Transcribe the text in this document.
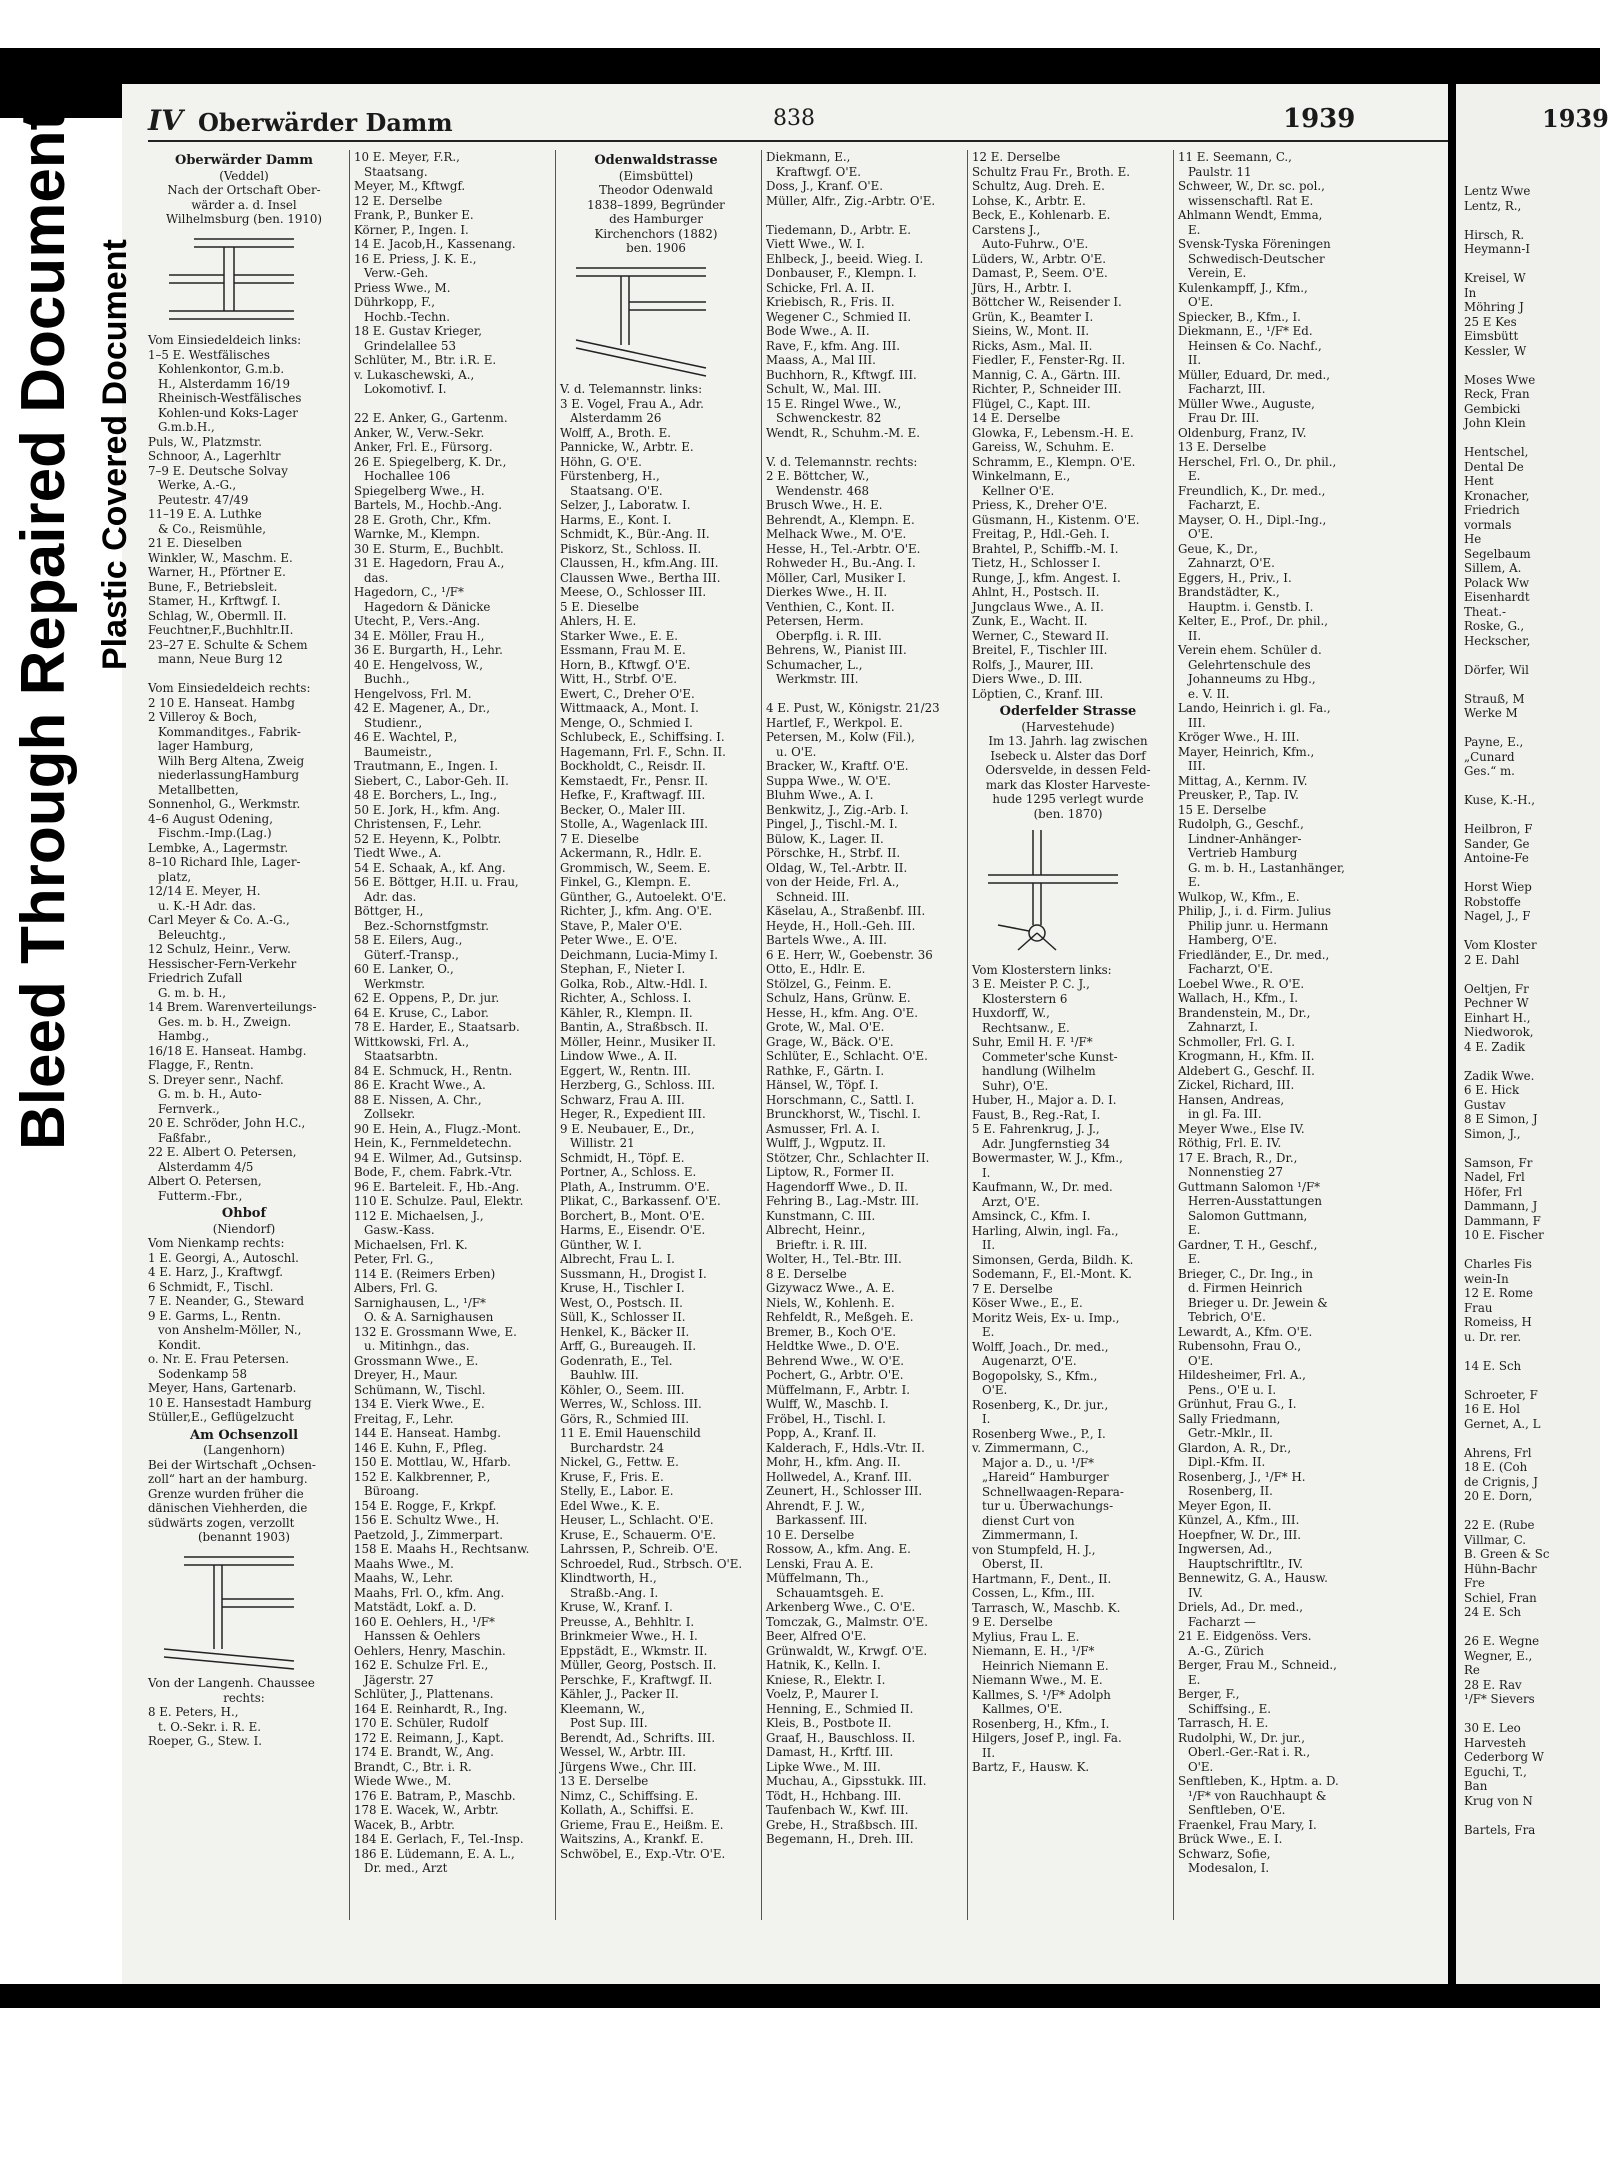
1939
Lentz Wwe
Lentz, R.,

Hirsch, R.
Heymann-I

Kreisel, W
In
Möhring J
25 E Kes
Eimsbütt
Kessler, W

Moses Wwe
Reck, Fran
Gembicki
John Klein

Hentschel,
Dental De
Hent
Kronacher,
Friedrich
vormals
He
Segelbaum
Sillem, A.
Polack Ww
Eisenhardt
Theat.-
Roske, G.,
Heckscher,

Dörfer, Wil

Strauß, M
Werke M

Payne, E.,
„Cunard
Ges.“ m.

Kuse, K.-H.,

Heilbron, F
Sander, Ge
Antoine-Fe

Horst Wiep
Robstoffe
Nagel, J., F

Vom Kloster
2 E. Dahl

Oeltjen, Fr
Pechner W
Einhart H.,
Niedworok,
4 E. Zadik

Zadik Wwe.
6 E. Hick
Gustav
8 E Simon, J
Simon, J.,

Samson, Fr
Nadel, Frl
Höfer, Frl
Dammann, J
Dammann, F
10 E. Fischer

Charles Fis
wein-In
12 E. Rome
Frau
Romeiss, H
u. Dr. rer.

14 E. Sch

Schroeter, F
16 E. Hol
Gernet, A., L

Ahrens, Frl
18 E. (Coh
de Crignis, J
20 E. Dorn,

22 E. (Rube
Villmar, C.
B. Green & Sc
Hühn-Bachr
Fre
Schiel, Fran
24 E. Sch

26 E. Wegne
Wegner, E.,
Re
28 E. Rav
¹/F* Sievers

30 E. Leo
Harvesteh
Cederborg W
Eguchi, T.,
Ban
Krug von N

Bartels, Fra
Bleed Through Repaired Document Plastic Covered Document
IV Oberwärder Damm	838	1939
Oberwärder Damm
(Veddel)
Nach der Ortschaft Ober-
wärder a. d. Insel
Wilhelmsburg (ben. 1910)
Vom Einsiedeldeich links:
1–5 E. Westfälisches
Kohlenkontor, G.m.b.
H., Alsterdamm 16/19
Rheinisch-Westfälisches
Kohlen-und Koks-Lager
G.m.b.H.,
Puls, W., Platzmstr.
Schnoor, A., Lagerhltr
7–9 E. Deutsche Solvay
Werke, A.-G.,
Peutestr. 47/49
11–19 E. A. Luthke
& Co., Reismühle,
21 E. Dieselben
Winkler, W., Maschm. E.
Warner, H., Pförtner E.
Bune, F., Betriebsleit.
Stamer, H., Krftwgf. I.
Schlag, W., Obermll. II.
Feuchtner,F.,Buchhltr.II.
23–27 E. Schulte & Schem
mann, Neue Burg 12

Vom Einsiedeldeich rechts:
2 10 E. Hanseat. Hambg
2 Villeroy & Boch,
Kommanditges., Fabrik-
lager Hamburg,
Wilh Berg Altena, Zweig
niederlassungHamburg
Metallbetten,
Sonnenhol, G., Werkmstr.
4–6 August Odening,
Fischm.-Imp.(Lag.)
Lembke, A., Lagermstr.
8–10 Richard Ihle, Lager-
platz,
12/14 E. Meyer, H.
u. K.-H Adr. das.
Carl Meyer & Co. A.-G.,
Beleuchtg.,
12 Schulz, Heinr., Verw.
Hessischer-Fern-Verkehr
Friedrich Zufall
G. m. b. H.,
14 Brem. Warenverteilungs-
Ges. m. b. H., Zweign.
Hambg.,
16/18 E. Hanseat. Hambg.
Flagge, F., Rentn.
S. Dreyer senr., Nachf.
G. m. b. H., Auto-
Fernverk.,
20 E. Schröder, John H.C.,
Faßfabr.,
22 E. Albert O. Petersen,
Alsterdamm 4/5
Albert O. Petersen,
Futterm.-Fbr.,
Ohbof
(Niendorf)
Vom Nienkamp rechts:
1 E. Georgi, A., Autoschl.
4 E. Harz, J., Kraftwgf.
6 Schmidt, F., Tischl.
7 E. Neander, G., Steward
9 E. Garms, L., Rentn.
von Anshelm-Möller, N.,
Kondit.
o. Nr. E. Frau Petersen.
Sodenkamp 58
Meyer, Hans, Gartenarb.
10 E. Hansestadt Hamburg
Stüller,E., Geflügelzucht
Am Ochsenzoll
(Langenhorn)
Bei der Wirtschaft „Ochsen-
zoll“ hart an der hamburg.
Grenze wurden früher die
dänischen Viehherden, die
südwärts zogen, verzollt
(benannt 1903)
Von der Langenh. Chaussee
rechts:
8 E. Peters, H.,
t. O.-Sekr. i. R. E.
Roeper, G., Stew. I.
10 E. Meyer, F.R.,
Staatsang.
Meyer, M., Kftwgf.
12 E. Derselbe
Frank, P., Bunker E.
Körner, P., Ingen. I.
14 E. Jacob,H., Kassenang.
16 E. Priess, J. K. E.,
Verw.-Geh.
Priess Wwe., M.
Dührkopp, F.,
Hochb.-Techn.
18 E. Gustav Krieger,
Grindelallee 53
Schlüter, M., Btr. i.R. E.
v. Lukaschewski, A.,
Lokomotivf. I.

22 E. Anker, G., Gartenm.
Anker, W., Verw.-Sekr.
Anker, Frl. E., Fürsorg.
26 E. Spiegelberg, K. Dr.,
Hochallee 106
Spiegelberg Wwe., H.
Bartels, M., Hochb.-Ang.
28 E. Groth, Chr., Kfm.
Warnke, M., Klempn.
30 E. Sturm, E., Buchblt.
31 E. Hagedorn, Frau A.,
das.
Hagedorn, C., ¹/F*
Hagedorn & Dänicke
Utecht, P., Vers.-Ang.
34 E. Möller, Frau H.,
36 E. Burgarth, H., Lehr.
40 E. Hengelvoss, W.,
Buchh.,
Hengelvoss, Frl. M.
42 E. Magener, A., Dr.,
Studienr.,
46 E. Wachtel, P.,
Baumeistr.,
Trautmann, E., Ingen. I.
Siebert, C., Labor-Geh. II.
48 E. Borchers, L., Ing.,
50 E. Jork, H., kfm. Ang.
Christensen, F., Lehr.
52 E. Heyenn, K., Polbtr.
Tiedt Wwe., A.
54 E. Schaak, A., kf. Ang.
56 E. Böttger, H.II. u. Frau,
Adr. das.
Böttger, H.,
Bez.-Schornstfgmstr.
58 E. Eilers, Aug.,
Güterf.-Transp.,
60 E. Lanker, O.,
Werkmstr.
62 E. Oppens, P., Dr. jur.
64 E. Kruse, C., Labor.
78 E. Harder, E., Staatsarb.
Wittkowski, Frl. A.,
Staatsarbtn.
84 E. Schmuck, H., Rentn.
86 E. Kracht Wwe., A.
88 E. Nissen, A. Chr.,
Zollsekr.
90 E. Hein, A., Flugz.-Mont.
Hein, K., Fernmeldetechn.
94 E. Wilmer, Ad., Gutsinsp.
Bode, F., chem. Fabrk.-Vtr.
96 E. Barteleit. F., Hb.-Ang.
110 E. Schulze. Paul, Elektr.
112 E. Michaelsen, J.,
Gasw.-Kass.
Michaelsen, Frl. K.
Peter, Frl. G.,
114 E. (Reimers Erben)
Albers, Frl. G.
Sarnighausen, L., ¹/F*
O. & A. Sarnighausen
132 E. Grossmann Wwe, E.
u. Mitinhgn., das.
Grossmann Wwe., E.
Dreyer, H., Maur.
Schümann, W., Tischl.
134 E. Vierk Wwe., E.
Freitag, F., Lehr.
144 E. Hanseat. Hambg.
146 E. Kuhn, F., Pfleg.
150 E. Mottlau, W., Hfarb.
152 E. Kalkbrenner, P.,
Büroang.
154 E. Rogge, F., Krkpf.
156 E. Schultz Wwe., H.
Paetzold, J., Zimmerpart.
158 E. Maahs H., Rechtsanw.
Maahs Wwe., M.
Maahs, W., Lehr.
Maahs, Frl. O., kfm. Ang.
Matstädt, Lokf. a. D.
160 E. Oehlers, H., ¹/F*
Hanssen & Oehlers
Oehlers, Henry, Maschin.
162 E. Schulze Frl. E.,
Jägerstr. 27
Schlüter, J., Plattenans.
164 E. Reinhardt, R., Ing.
170 E. Schüler, Rudolf
172 E. Reimann, J., Kapt.
174 E. Brandt, W., Ang.
Brandt, C., Btr. i. R.
Wiede Wwe., M.
176 E. Batram, P., Maschb.
178 E. Wacek, W., Arbtr.
Wacek, B., Arbtr.
184 E. Gerlach, F., Tel.-Insp.
186 E. Lüdemann, E. A. L.,
Dr. med., Arzt
Odenwaldstrasse
(Eimsbüttel)
Theodor Odenwald
1838–1899, Begründer
des Hamburger
Kirchenchors (1882)
ben. 1906
V. d. Telemannstr. links:
3 E. Vogel, Frau A., Adr.
Alsterdamm 26
Wolff, A., Broth. E.
Pannicke, W., Arbtr. E.
Höhn, G. O'E.
Fürstenberg, H.,
Staatsang. O'E.
Selzer, J., Laboratw. I.
Harms, E., Kont. I.
Schmidt, K., Bür.-Ang. II.
Piskorz, St., Schloss. II.
Claussen, H., kfm.Ang. III.
Claussen Wwe., Bertha III.
Meese, O., Schlosser III.
5 E. Dieselbe
Ahlers, H. E.
Starker Wwe., E. E.
Essmann, Frau M. E.
Horn, B., Kftwgf. O'E.
Witt, H., Strbf. O'E.
Ewert, C., Dreher O'E.
Wittmaack, A., Mont. I.
Menge, O., Schmied I.
Schlubeck, E., Schiffsing. I.
Hagemann, Frl. F., Schn. II.
Bockholdt, C., Reisdr. II.
Kemstaedt, Fr., Pensr. II.
Hefke, F., Kraftwagf. III.
Becker, O., Maler III.
Stolle, A., Wagenlack III.
7 E. Dieselbe
Ackermann, R., Hdlr. E.
Grommisch, W., Seem. E.
Finkel, G., Klempn. E.
Günther, G., Autoelekt. O'E.
Richter, J., kfm. Ang. O'E.
Stave, P., Maler O'E.
Peter Wwe., E. O'E.
Deichmann, Lucia-Mimy I.
Stephan, F., Nieter I.
Golka, Rob., Altw.-Hdl. I.
Richter, A., Schloss. I.
Kähler, R., Klempn. II.
Bantin, A., Straßbsch. II.
Möller, Heinr., Musiker II.
Lindow Wwe., A. II.
Eggert, W., Rentn. III.
Herzberg, G., Schloss. III.
Schwarz, Frau A. III.
Heger, R., Expedient III.
9 E. Neubauer, E., Dr.,
Willistr. 21
Schmidt, H., Töpf. E.
Portner, A., Schloss. E.
Plath, A., Instrumm. O'E.
Plikat, C., Barkassenf. O'E.
Borchert, B., Mont. O'E.
Harms, E., Eisendr. O'E.
Günther, W. I.
Albrecht, Frau L. I.
Sussmann, H., Drogist I.
Kruse, H., Tischler I.
West, O., Postsch. II.
Süll, K., Schlosser II.
Henkel, K., Bäcker II.
Arff, G., Bureaugeh. II.
Godenrath, E., Tel.
Bauhlw. III.
Köhler, O., Seem. III.
Werres, W., Schloss. III.
Görs, R., Schmied III.
11 E. Emil Hauenschild
Burchardstr. 24
Nickel, G., Fettw. E.
Kruse, F., Fris. E.
Stelly, E., Labor. E.
Edel Wwe., K. E.
Heuser, L., Schlacht. O'E.
Kruse, E., Schauerm. O'E.
Lahrssen, P., Schreib. O'E.
Schroedel, Rud., Strbsch. O'E.
Klindtworth, H.,
Straßb.-Ang. I.
Kruse, W., Kranf. I.
Preusse, A., Behhltr. I.
Brinkmeier Wwe., H. I.
Eppstädt, E., Wkmstr. II.
Müller, Georg, Postsch. II.
Perschke, F., Kraftwgf. II.
Kähler, J., Packer II.
Kleemann, W.,
Post Sup. III.
Berendt, Ad., Schrifts. III.
Wessel, W., Arbtr. III.
Jürgens Wwe., Chr. III.
13 E. Derselbe
Nimz, C., Schiffsing. E.
Kollath, A., Schiffsi. E.
Grieme, Frau E., Heißm. E.
Waitszins, A., Krankf. E.
Schwöbel, E., Exp.-Vtr. O'E.
Diekmann, E.,
Kraftwgf. O'E.
Doss, J., Kranf. O'E.
Müller, Alfr., Zig.-Arbtr. O'E.

Tiedemann, D., Arbtr. E.
Viett Wwe., W. I.
Ehlbeck, J., beeid. Wieg. I.
Donbauser, F., Klempn. I.
Schicke, Frl. A. II.
Kriebisch, R., Fris. II.
Wegener C., Schmied II.
Bode Wwe., A. II.
Rave, F., kfm. Ang. III.
Maass, A., Mal III.
Buchhorn, R., Kftwgf. III.
Schult, W., Mal. III.
15 E. Ringel Wwe., W.,
Schwenckestr. 82
Wendt, R., Schuhm.-M. E.

V. d. Telemannstr. rechts:
2 E. Böttcher, W.,
Wendenstr. 468
Brusch Wwe., H. E.
Behrendt, A., Klempn. E.
Melhack Wwe., M. O'E.
Hesse, H., Tel.-Arbtr. O'E.
Rohweder H., Bu.-Ang. I.
Möller, Carl, Musiker I.
Dierkes Wwe., H. II.
Venthien, C., Kont. II.
Petersen, Herm.
Oberpflg. i. R. III.
Behrens, W., Pianist III.
Schumacher, L.,
Werkmstr. III.

4 E. Pust, W., Königstr. 21/23
Hartlef, F., Werkpol. E.
Petersen, M., Kolw (Fil.),
u. O'E.
Bracker, W., Kraftf. O'E.
Suppa Wwe., W. O'E.
Bluhm Wwe., A. I.
Benkwitz, J., Zig.-Arb. I.
Pingel, J., Tischl.-M. I.
Bülow, K., Lager. II.
Pörschke, H., Strbf. II.
Oldag, W., Tel.-Arbtr. II.
von der Heide, Frl. A.,
Schneid. III.
Käselau, A., Straßenbf. III.
Heyde, H., Holl.-Geh. III.
Bartels Wwe., A. III.
6 E. Herr, W., Goebenstr. 36
Otto, E., Hdlr. E.
Stölzel, G., Feinm. E.
Schulz, Hans, Grünw. E.
Hesse, H., kfm. Ang. O'E.
Grote, W., Mal. O'E.
Grage, W., Bäck. O'E.
Schlüter, E., Schlacht. O'E.
Rathke, F., Gärtn. I.
Hänsel, W., Töpf. I.
Horschmann, C., Sattl. I.
Brunckhorst, W., Tischl. I.
Asmusser, Frl. A. I.
Wulff, J., Wgputz. II.
Stötzer, Chr., Schlachter II.
Liptow, R., Former II.
Hagendorff Wwe., D. II.
Fehring B., Lag.-Mstr. III.
Kunstmann, C. III.
Albrecht, Heinr.,
Brieftr. i. R. III.
Wolter, H., Tel.-Btr. III.
8 E. Derselbe
Gizywacz Wwe., A. E.
Niels, W., Kohlenh. E.
Rehfeldt, R., Meßgeh. E.
Bremer, B., Koch O'E.
Heldtke Wwe., D. O'E.
Behrend Wwe., W. O'E.
Pochert, G., Arbtr. O'E.
Müffelmann, F., Arbtr. I.
Wulff, W., Maschb. I.
Fröbel, H., Tischl. I.
Popp, A., Kranf. II.
Kalderach, F., Hdls.-Vtr. II.
Mohr, H., kfm. Ang. II.
Hollwedel, A., Kranf. III.
Zeunert, H., Schlosser III.
Ahrendt, F. J. W.,
Barkassenf. III.
10 E. Derselbe
Rossow, A., kfm. Ang. E.
Lenski, Frau A. E.
Müffelmann, Th.,
Schauamtsgeh. E.
Arkenberg Wwe., C. O'E.
Tomczak, G., Malmstr. O'E.
Beer, Alfred O'E.
Grünwaldt, W., Krwgf. O'E.
Hatnik, K., Kelln. I.
Kniese, R., Elektr. I.
Voelz, P., Maurer I.
Henning, E., Schmied II.
Kleis, B., Postbote II.
Graaf, H., Bauschloss. II.
Damast, H., Krftf. III.
Lipke Wwe., M. III.
Muchau, A., Gipsstukk. III.
Tödt, H., Hchbang. III.
Taufenbach W., Kwf. III.
Grebe, H., Straßbsch. III.
Begemann, H., Dreh. III.
12 E. Derselbe
Schultz Frau Fr., Broth. E.
Schultz, Aug. Dreh. E.
Lohse, K., Arbtr. E.
Beck, E., Kohlenarb. E.
Carstens J.,
Auto-Fuhrw., O'E.
Lüders, W., Arbtr. O'E.
Damast, P., Seem. O'E.
Jürs, H., Arbtr. I.
Böttcher W., Reisender I.
Grün, K., Beamter I.
Sieins, W., Mont. II.
Ricks, Asm., Mal. II.
Fiedler, F., Fenster-Rg. II.
Mannig, C. A., Gärtn. III.
Richter, P., Schneider III.
Flügel, C., Kapt. III.
14 E. Derselbe
Glowka, F., Lebensm.-H. E.
Gareiss, W., Schuhm. E.
Schramm, E., Klempn. O'E.
Winkelmann, E.,
Kellner O'E.
Priess, K., Dreher O'E.
Güsmann, H., Kistenm. O'E.
Freitag, P., Hdl.-Geh. I.
Brahtel, P., Schiffb.-M. I.
Tietz, H., Schlosser I.
Runge, J., kfm. Angest. I.
Ahlnt, H., Postsch. II.
Jungclaus Wwe., A. II.
Zunk, E., Wacht. II.
Werner, C., Steward II.
Breitel, F., Tischler III.
Rolfs, J., Maurer, III.
Diers Wwe., D. III.
Löptien, C., Kranf. III.
Oderfelder Strasse
(Harvestehude)
Im 13. Jahrh. lag zwischen
Isebeck u. Alster das Dorf
Odersvelde, in dessen Feld-
mark das Kloster Harveste-
hude 1295 verlegt wurde
(ben. 1870)
Vom Klosterstern links:
3 E. Meister P. C. J.,
Klosterstern 6
Huxdorff, W.,
Rechtsanw., E.
Suhr, Emil H. F. ¹/F*
Commeter'sche Kunst-
handlung (Wilhelm
Suhr), O'E.
Huber, H., Major a. D. I.
Faust, B., Reg.-Rat, I.
5 E. Fahrenkrug, J. J.,
Adr. Jungfernstieg 34
Bowermaster, W. J., Kfm.,
I.
Kaufmann, W., Dr. med.
Arzt, O'E.
Amsinck, C., Kfm. I.
Harling, Alwin, ingl. Fa.,
II.
Simonsen, Gerda, Bildh. K.
Sodemann, F., El.-Mont. K.
7 E. Derselbe
Köser Wwe., E., E.
Moritz Weis, Ex- u. Imp.,
E.
Wolff, Joach., Dr. med.,
Augenarzt, O'E.
Bogopolsky, S., Kfm.,
O'E.
Rosenberg, K., Dr. jur.,
I.
Rosenberg Wwe., P., I.
v. Zimmermann, C.,
Major a. D., u. ¹/F*
„Hareid“ Hamburger
Schnellwaagen-Repara-
tur u. Überwachungs-
dienst Curt von
Zimmermann, I.
von Stumpfeld, H. J.,
Oberst, II.
Hartmann, F., Dent., II.
Cossen, L., Kfm., III.
Tarrasch, W., Maschb. K.
9 E. Derselbe
Mylius, Frau L. E.
Niemann, E. H., ¹/F*
Heinrich Niemann E.
Niemann Wwe., M. E.
Kallmes, S. ¹/F* Adolph
Kallmes, O'E.
Rosenberg, H., Kfm., I.
Hilgers, Josef P., ingl. Fa.
II.
Bartz, F., Hausw. K.
11 E. Seemann, C.,
Paulstr. 11
Schweer, W., Dr. sc. pol.,
wissenschaftl. Rat E.
Ahlmann Wendt, Emma,
E.
Svensk-Tyska Föreningen
Schwedisch-Deutscher
Verein, E.
Kulenkampff, J., Kfm.,
O'E.
Spiecker, B., Kfm., I.
Diekmann, E., ¹/F* Ed.
Heinsen & Co. Nachf.,
II.
Müller, Eduard, Dr. med.,
Facharzt, III.
Müller Wwe., Auguste,
Frau Dr. III.
Oldenburg, Franz, IV.
13 E. Derselbe
Herschel, Frl. O., Dr. phil.,
E.
Freundlich, K., Dr. med.,
Facharzt, E.
Mayser, O. H., Dipl.-Ing.,
O'E.
Geue, K., Dr.,
Zahnarzt, O'E.
Eggers, H., Priv., I.
Brandstädter, K.,
Hauptm. i. Genstb. I.
Kelter, E., Prof., Dr. phil.,
II.
Verein ehem. Schüler d.
Gelehrtenschule des
Johanneums zu Hbg.,
e. V. II.
Lando, Heinrich i. gl. Fa.,
III.
Kröger Wwe., H. III.
Mayer, Heinrich, Kfm.,
III.
Mittag, A., Kernm. IV.
Preusker, P., Tap. IV.
15 E. Derselbe
Rudolph, G., Geschf.,
Lindner-Anhänger-
Vertrieb Hamburg
G. m. b. H., Lastanhänger,
E.
Wulkop, W., Kfm., E.
Philip, J., i. d. Firm. Julius
Philip junr. u. Hermann
Hamberg, O'E.
Friedländer, E., Dr. med.,
Facharzt, O'E.
Loebel Wwe., R. O'E.
Wallach, H., Kfm., I.
Brandenstein, M., Dr.,
Zahnarzt, I.
Schmoller, Frl. G. I.
Krogmann, H., Kfm. II.
Aldebert G., Geschf. II.
Zickel, Richard, III.
Hansen, Andreas,
in gl. Fa. III.
Meyer Wwe., Else IV.
Röthig, Frl. E. IV.
17 E. Brach, R., Dr.,
Nonnenstieg 27
Guttmann Salomon ¹/F*
Herren-Ausstattungen
Salomon Guttmann,
E.
Gardner, T. H., Geschf.,
E.
Brieger, C., Dr. Ing., in
d. Firmen Heinrich
Brieger u. Dr. Jewein &
Tebrich, O'E.
Lewardt, A., Kfm. O'E.
Rubensohn, Frau O.,
O'E.
Hildesheimer, Frl. A.,
Pens., O'E u. I.
Grünhut, Frau G., I.
Sally Friedmann,
Getr.-Mklr., II.
Glardon, A. R., Dr.,
Dipl.-Kfm. II.
Rosenberg, J., ¹/F* H.
Rosenberg, II.
Meyer Egon, II.
Künzel, A., Kfm., III.
Hoepfner, W. Dr., III.
Ingwersen, Ad.,
Hauptschriftltr., IV.
Bennewitz, G. A., Hausw.
IV.
Driels, Ad., Dr. med.,
Facharzt —
21 E. Eidgenöss. Vers.
A.-G., Zürich
Berger, Frau M., Schneid.,
E.
Berger, F.,
Schiffsing., E.
Tarrasch, H. E.
Rudolphi, W., Dr. jur.,
Oberl.-Ger.-Rat i. R.,
O'E.
Senftleben, K., Hptm. a. D.
¹/F* von Rauchhaupt &
Senftleben, O'E.
Fraenkel, Frau Mary, I.
Brück Wwe., E. I.
Schwarz, Sofie,
Modesalon, I.
